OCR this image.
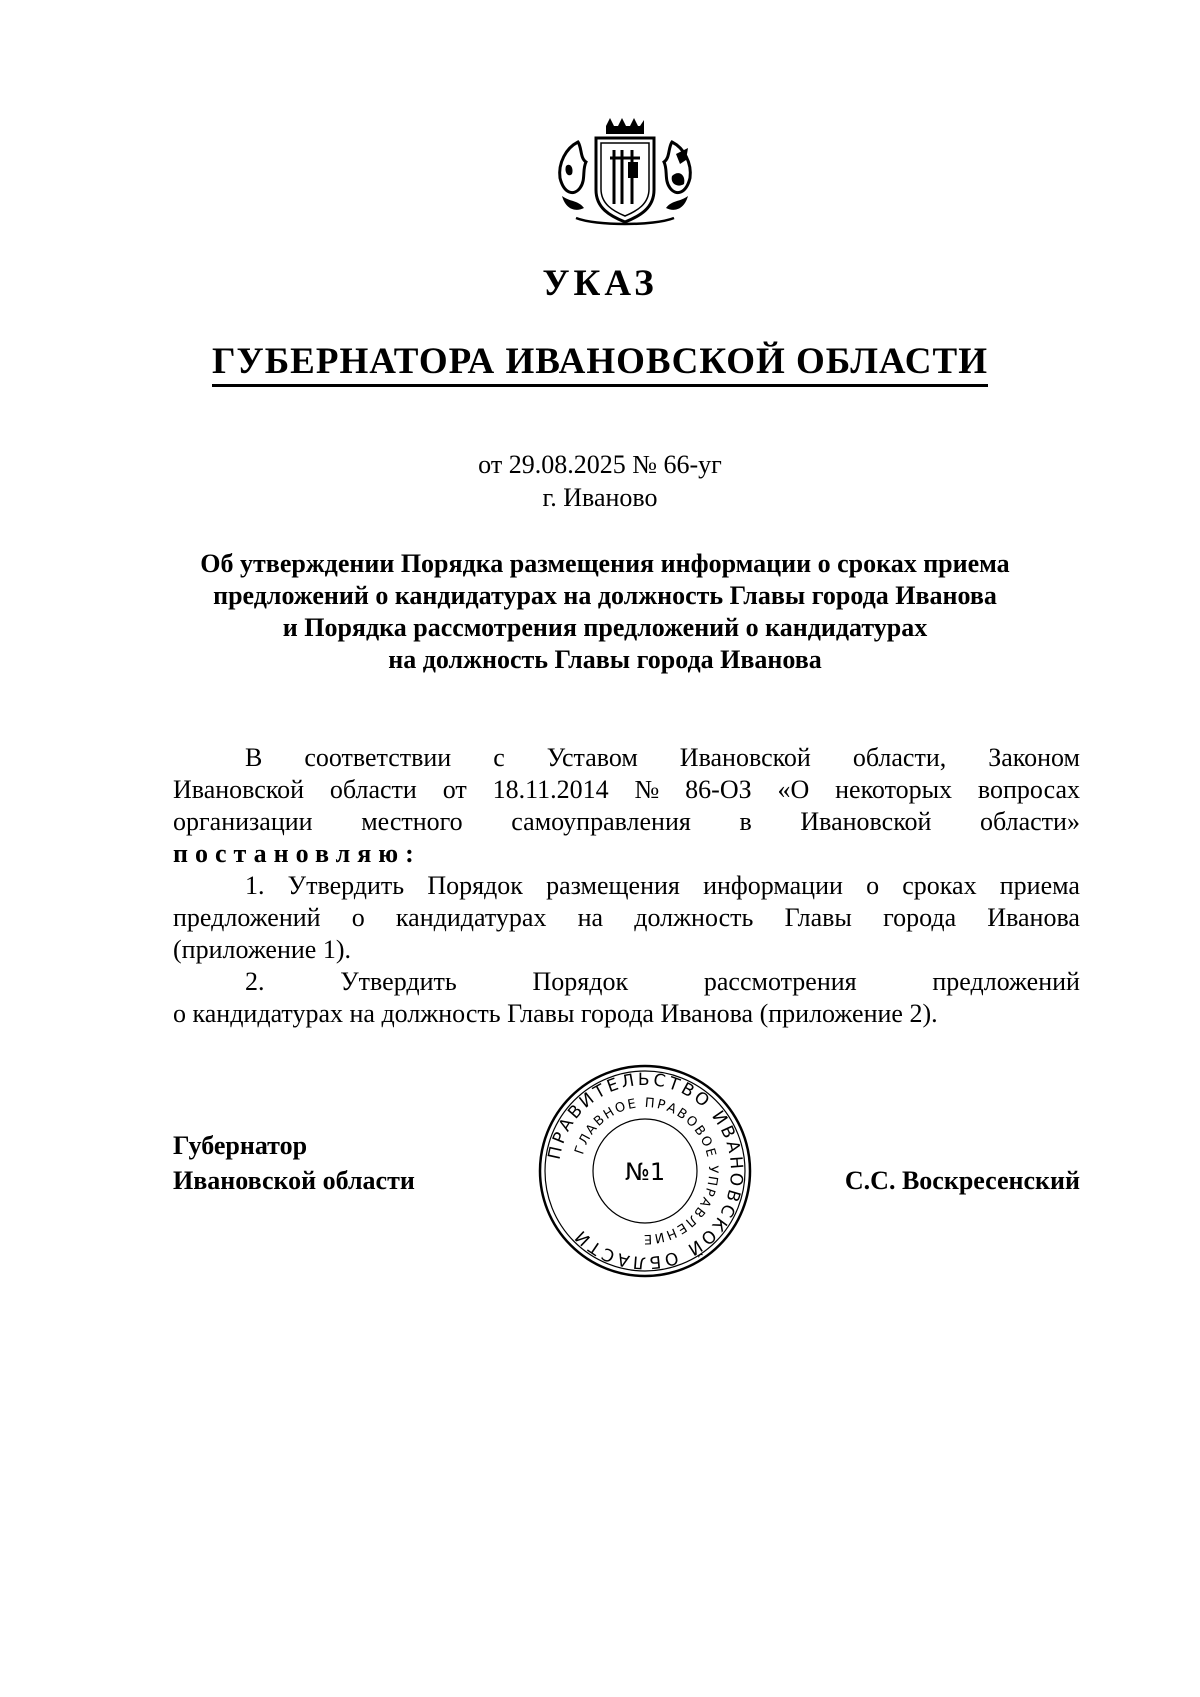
УКАЗ
ГУБЕРНАТОРА ИВАНОВСКОЙ ОБЛАСТИ
от 29.08.2025 № 66-уг
г. Иваново
Об утверждении Порядка размещения информации о сроках приема
предложений о кандидатурах на должность Главы города Иванова
и Порядка рассмотрения предложений о кандидатурах
на должность Главы города Иванова
В соответствии с Уставом Ивановской области, Законом
Ивановской области от 18.11.2014 № 86-ОЗ «О некоторых вопросах
организации местного самоуправления в Ивановской области»
постановляю:
1. Утвердить Порядок размещения информации о сроках приема
предложений о кандидатурах на должность Главы города Иванова
(приложение 1).
2.	Утвердить	Порядок	рассмотрения	предложений
о кандидатурах на должность Главы города Иванова (приложение 2).
Губернатор
Ивановской области
ПРАВИТЕЛЬСТВО ИВАНОВСКОЙ ОБЛАСТИ
ГЛАВНОЕ ПРАВОВОЕ УПРАВЛЕНИЕ
№1	С.С. Воскресенский
